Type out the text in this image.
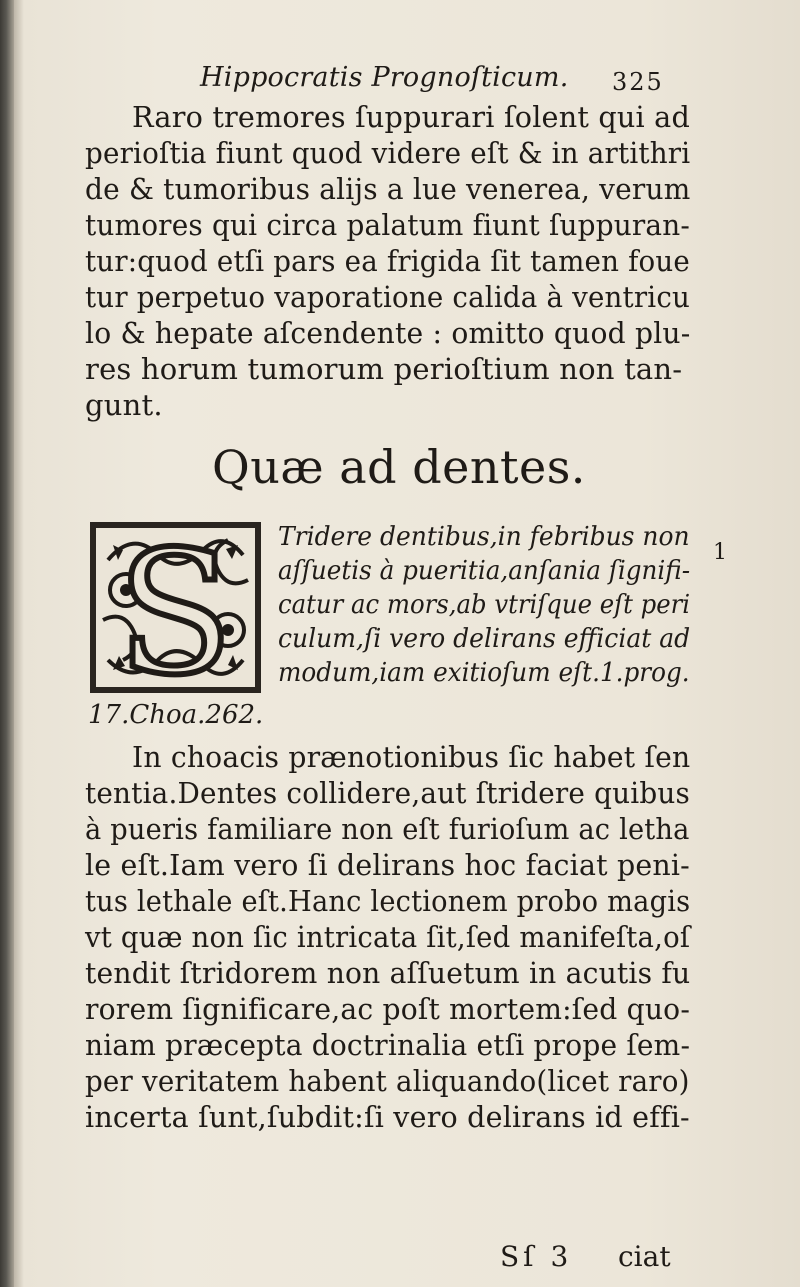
Hippocratis Prognoſticum. 325
Raro tremores ſuppurari ſolent qui ad
perioſtia fiunt quod videre eſt & in artithri
de & tumoribus alijs a lue venerea, verum
tumores qui circa palatum fiunt ſuppuran-
tur:quod etſi pars ea frigida ſit tamen foue
tur perpetuo vaporatione calida à ventricu
lo & hepate aſcendente : omitto quod plu-
res horum tumorum perioſtium non tan-
gunt.
Quæ ad dentes.
S Tridere dentibus,in febribus non
aſſuetis à pueritia,anſania ſignifi-
catur ac mors,ab vtriſque eſt peri
culum,ſi vero delirans efficiat ad
modum,iam exitioſum eſt.1.prog.
17.Choa.262.
1
In choacis prænotionibus ſic habet ſen
tentia.Dentes collidere,aut ſtridere quibus
à pueris familiare non eſt furioſum ac letha
le eſt.Iam vero ſi delirans hoc faciat peni-
tus lethale eſt.Hanc lectionem probo magis
vt quæ non ſic intricata ſit,ſed manifeſta,oſ
tendit ſtridorem non aſſuetum in acutis fu
rorem ſignificare,ac poſt mortem:ſed quo-
niam præcepta doctrinalia etſi prope ſem-
per veritatem habent aliquando(licet raro)
incerta ſunt,ſubdit:ſi vero delirans id effi-
Sſ 3 ciat
